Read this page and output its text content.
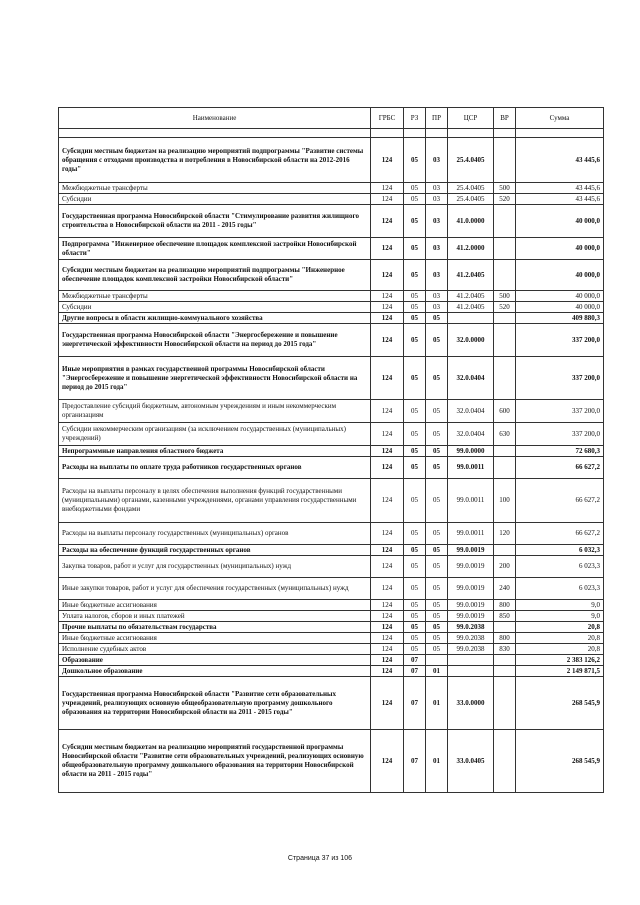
Наименование	ГРБС	РЗ	ПР	ЦСР	ВР	Сумма

Субсидии местным бюджетам на реализацию мероприятий подпрограммы "Развитие системы обращения с отходами производства и потребления в Новосибирской области на 2012-2016 годы"	124	05	03	25.4.0405		43 445,6
Межбюджетные трансферты	124	05	03	25.4.0405	500	43 445,6
Субсидии	124	05	03	25.4.0405	520	43 445,6
Государственная программа Новосибирской области "Стимулирование развития жилищного строительства в Новосибирской области на 2011 - 2015 годы"	124	05	03	41.0.0000		40 000,0
Подпрограмма "Инженерное обеспечение площадок комплексной застройки Новосибирской области"	124	05	03	41.2.0000		40 000,0
Субсидии местным бюджетам на реализацию мероприятий подпрограммы "Инженерное обеспечение площадок комплексной застройки Новосибирской области"	124	05	03	41.2.0405		40 000,0
Межбюджетные трансферты	124	05	03	41.2.0405	500	40 000,0
Субсидии	124	05	03	41.2.0405	520	40 000,0
Другие вопросы в области жилищно-коммунального хозяйства	124	05	05			409 880,3
Государственная программа Новосибирской области "Энергосбережение и повышение энергетической эффективности Новосибирской области на период до 2015 года"	124	05	05	32.0.0000		337 200,0
Иные мероприятия в рамках государственной программы Новосибирской области "Энергосбережение и повышение энергетической эффективности Новосибирской области на период до 2015 года"	124	05	05	32.0.0404		337 200,0
Предоставление субсидий бюджетным, автономным учреждениям и иным некоммерческим организациям	124	05	05	32.0.0404	600	337 200,0
Субсидии некоммерческим организациям (за исключением государственных (муниципальных) учреждений)	124	05	05	32.0.0404	630	337 200,0
Непрограммные направления областного бюджета	124	05	05	99.0.0000		72 680,3
Расходы на выплаты по оплате труда работников государственных органов	124	05	05	99.0.0011		66 627,2
Расходы на выплаты персоналу в целях обеспечения выполнения функций государственными (муниципальными) органами, казенными учреждениями, органами управления государственными внебюджетными фондами	124	05	05	99.0.0011	100	66 627,2
Расходы на выплаты персоналу государственных (муниципальных) органов	124	05	05	99.0.0011	120	66 627,2
Расходы на обеспечение функций государственных органов	124	05	05	99.0.0019		6 032,3
Закупка товаров, работ и услуг для государственных (муниципальных) нужд	124	05	05	99.0.0019	200	6 023,3
Иные закупки товаров, работ и услуг для обеспечения государственных (муниципальных) нужд	124	05	05	99.0.0019	240	6 023,3
Иные бюджетные ассигнования	124	05	05	99.0.0019	800	9,0
Уплата налогов, сборов и иных платежей	124	05	05	99.0.0019	850	9,0
Прочие выплаты по обязательствам государства	124	05	05	99.0.2038		20,8
Иные бюджетные ассигнования	124	05	05	99.0.2038	800	20,8
Исполнение судебных актов	124	05	05	99.0.2038	830	20,8
Образование	124	07				2 383 126,2
Дошкольное образование	124	07	01			2 149 871,5
Государственная программа Новосибирской области "Развитие сети образовательных учреждений, реализующих основную общеобразовательную программу дошкольного образования на территории Новосибирской области на 2011 - 2015 годы"	124	07	01	33.0.0000		268 545,9
Субсидии местным бюджетам на реализацию мероприятий государственной программы Новосибирской области "Развитие сети образовательных учреждений, реализующих основную общеобразовательную программу дошкольного образования на территории Новосибирской области на 2011 - 2015 годы"	124	07	01	33.0.0405		268 545,9
Страница 37 из 106
